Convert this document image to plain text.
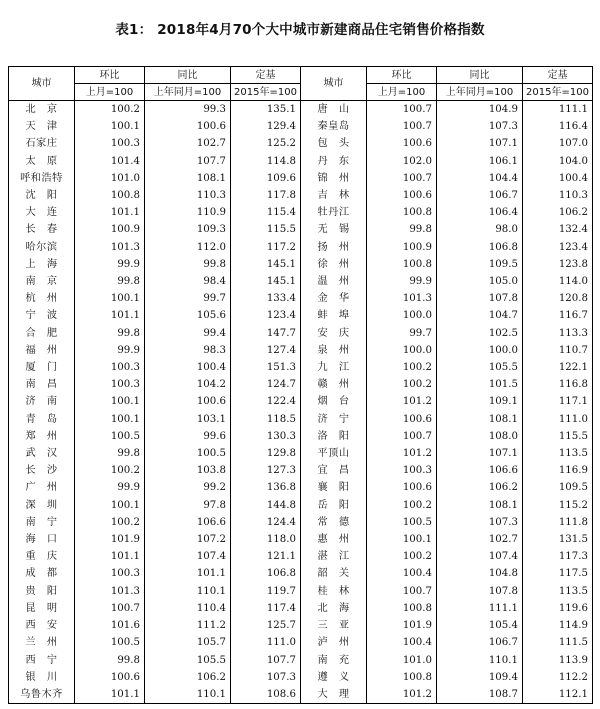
表1： 2018年4月70个大中城市新建商品住宅销售价格指数
城市	环比	同比	定基	城市	环比	同比	定基
	上月=100	上年同月=100	2015年=100		上月=100	上年同月=100	2015年=100
北　京	100.2	99.3	135.1	唐　山	100.7	104.9	111.1
天　津	100.1	100.6	129.4	秦皇岛	100.7	107.3	116.4
石家庄	100.3	102.7	125.2	包　头	100.6	107.1	107.0
太　原	101.4	107.7	114.8	丹　东	102.0	106.1	104.0
呼和浩特	101.0	108.1	109.6	锦　州	100.7	104.4	100.4
沈　阳	100.8	110.3	117.8	吉　林	100.6	106.7	110.3
大　连	101.1	110.9	115.4	牡丹江	100.8	106.4	106.2
长　春	100.9	109.3	115.5	无　锡	99.8	98.0	132.4
哈尔滨	101.3	112.0	117.2	扬　州	100.9	106.8	123.4
上　海	99.9	99.8	145.1	徐　州	100.8	109.5	123.8
南　京	99.8	98.4	145.1	温　州	99.9	105.0	114.0
杭　州	100.1	99.7	133.4	金　华	101.3	107.8	120.8
宁　波	101.1	105.6	123.4	蚌　埠	100.0	104.7	116.7
合　肥	99.8	99.4	147.7	安　庆	99.7	102.5	113.3
福　州	99.9	98.3	127.4	泉　州	100.0	100.0	110.7
厦　门	100.3	100.4	151.3	九　江	100.2	105.5	122.1
南　昌	100.3	104.2	124.7	赣　州	100.2	101.5	116.8
济　南	100.1	100.6	122.4	烟　台	101.2	109.1	117.1
青　岛	100.1	103.1	118.5	济　宁	100.6	108.1	111.0
郑　州	100.5	99.6	130.3	洛　阳	100.7	108.0	115.5
武　汉	99.8	100.5	129.8	平顶山	101.2	107.1	113.5
长　沙	100.2	103.8	127.3	宜　昌	100.3	106.6	116.9
广　州	99.9	99.2	136.8	襄　阳	100.6	106.2	109.5
深　圳	100.1	97.8	144.8	岳　阳	100.2	108.1	115.2
南　宁	100.2	106.6	124.4	常　德	100.5	107.3	111.8
海　口	101.9	107.2	118.0	惠　州	100.1	102.7	131.5
重　庆	101.1	107.4	121.1	湛　江	100.2	107.4	117.3
成　都	100.3	101.1	106.8	韶　关	100.4	104.8	117.5
贵　阳	101.3	110.1	119.7	桂　林	100.7	107.8	113.5
昆　明	100.7	110.4	117.4	北　海	100.8	111.1	119.6
西　安	101.6	111.2	125.7	三　亚	101.9	105.4	114.9
兰　州	100.5	105.7	111.0	泸　州	100.4	106.7	111.5
西　宁	99.8	105.5	107.7	南　充	101.0	110.1	113.9
银　川	100.6	106.2	107.3	遵　义	100.8	109.4	112.2
乌鲁木齐	101.1	110.1	108.6	大　理	101.2	108.7	112.1
